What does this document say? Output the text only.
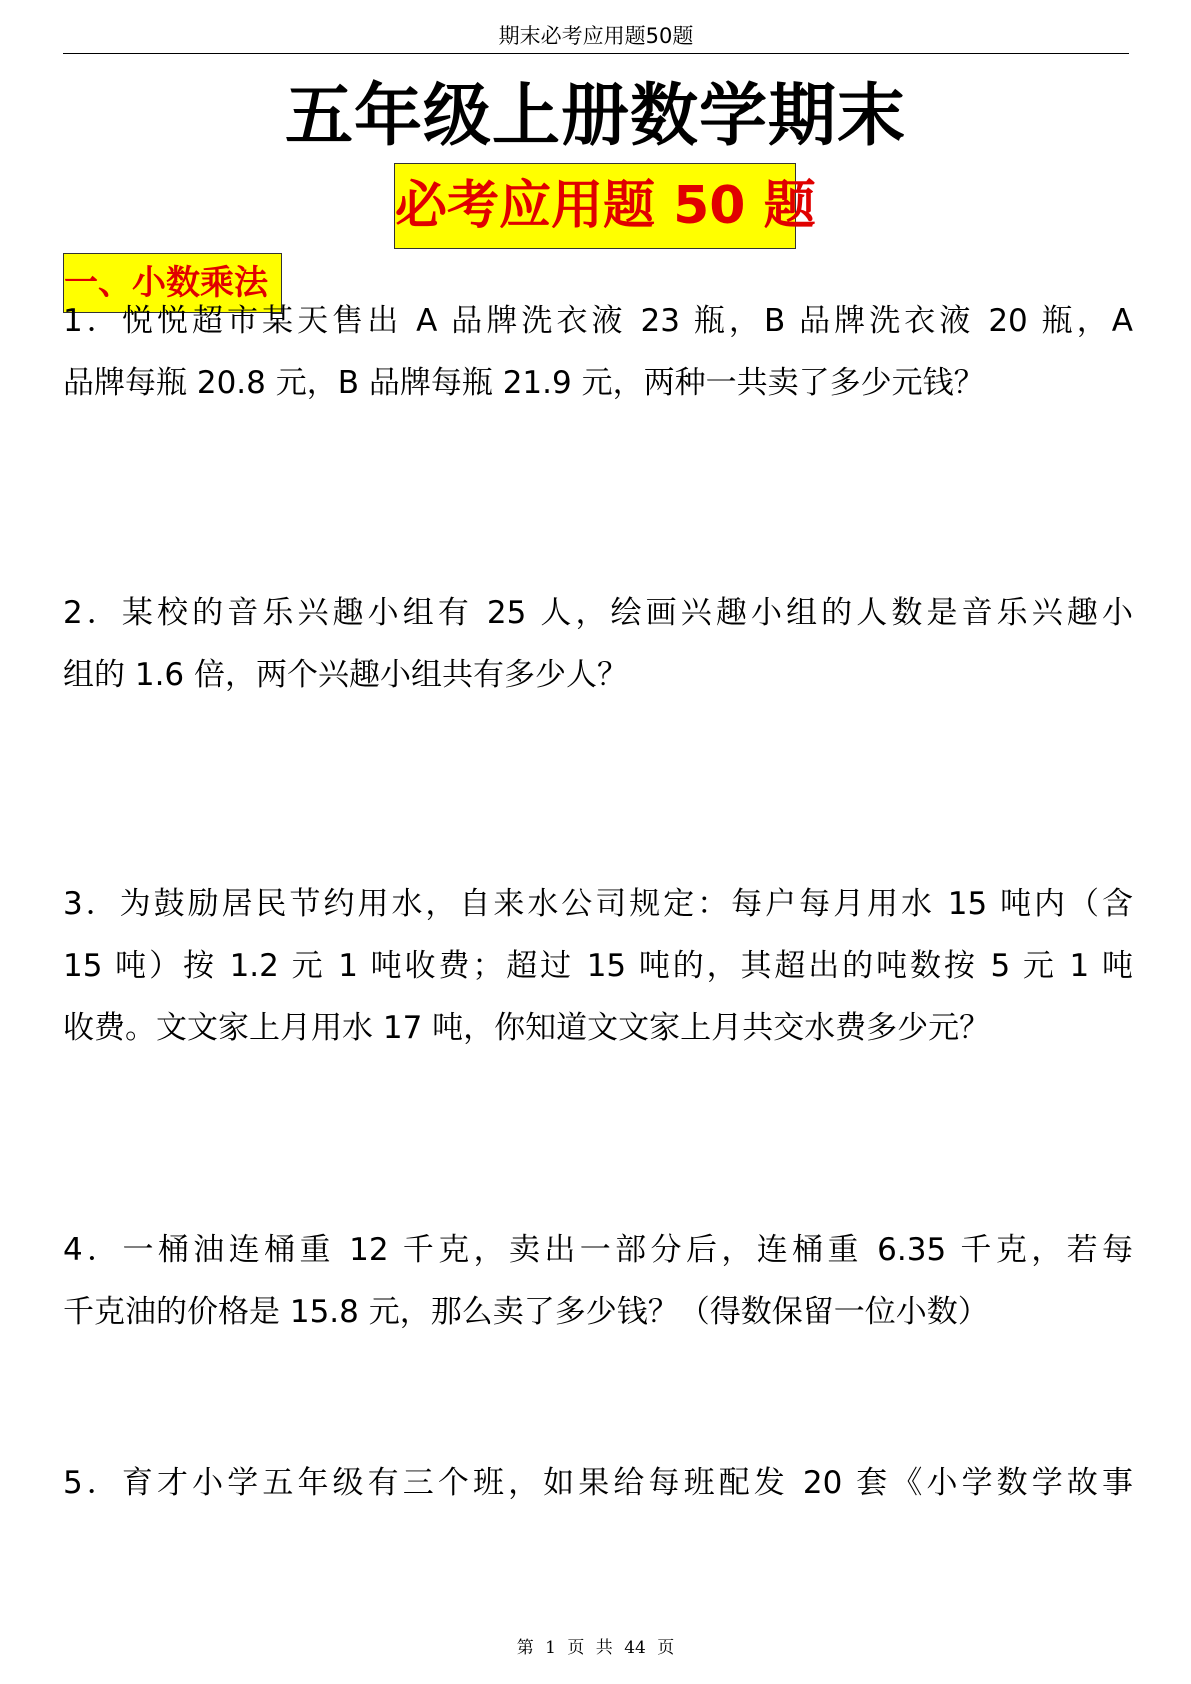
期末必考应用题50题
五年级上册数学期末
必考应用题 50 题
一、小数乘法
1．悦悦超市某天售出 A 品牌洗衣液 23 瓶，B 品牌洗衣液 20 瓶，A
品牌每瓶 20.8 元，B 品牌每瓶 21.9 元，两种一共卖了多少元钱？
2．某校的音乐兴趣小组有 25 人，绘画兴趣小组的人数是音乐兴趣小
组的 1.6 倍，两个兴趣小组共有多少人？
3．为鼓励居民节约用水，自来水公司规定：每户每月用水 15 吨内（含
15 吨）按 1.2 元 1 吨收费；超过 15 吨的，其超出的吨数按 5 元 1 吨
收费。文文家上月用水 17 吨，你知道文文家上月共交水费多少元？
4．一桶油连桶重 12 千克，卖出一部分后，连桶重 6.35 千克，若每
千克油的价格是 15.8 元，那么卖了多少钱？（得数保留一位小数）
5．育才小学五年级有三个班，如果给每班配发 20 套《小学数学故事
第 1 页 共 44 页
